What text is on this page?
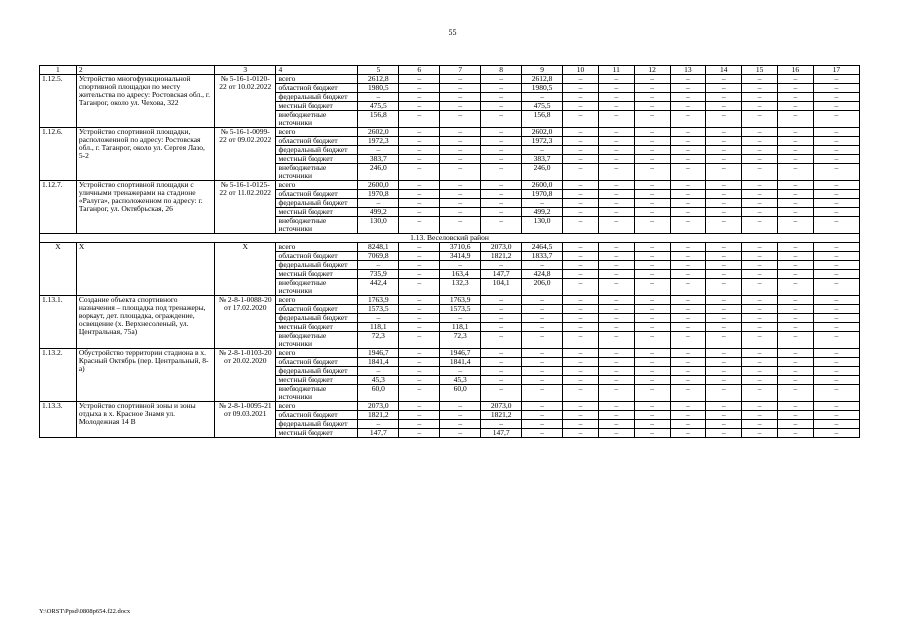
55
1	2	3	4	5	6	7	8	9	10	11	12	13	14	15	16	17
1.12.5.	Устройство многофункциональной спортивной площадки по месту жительства по адресу: Ростовская обл., г. Таганрог, около ул. Чехова, 322	№ 5-16-1-0120-22 от 10.02.2022	всего	2612,8	–	–	–	2612,8	–	–	–	–	–	–	–	–
			областной бюджет	1980,5	–	–	–	1980,5	–	–	–	–	–	–	–	–
			федеральный бюджет	–	–	–	–	–	–	–	–	–	–	–	–	–
			местный бюджет	475,5	–	–	–	475,5	–	–	–	–	–	–	–	–
			внебюджетные источники	156,8	–	–	–	156,8	–	–	–	–	–	–	–	–
1.12.6.	Устройство спортивной площадки, расположенной по адресу: Ростовская обл., г. Таганрог, около ул. Сергея Лазо, 5-2	№ 5-16-1-0099-22 от 09.02.2022	всего	2602,0	–	–	–	2602,0	–	–	–	–	–	–	–	–
			областной бюджет	1972,3	–	–	–	1972,3	–	–	–	–	–	–	–	–
			федеральный бюджет	–	–	–	–	–	–	–	–	–	–	–	–	–
			местный бюджет	383,7	–	–	–	383,7	–	–	–	–	–	–	–	–
			внебюджетные источники	246,0	–	–	–	246,0	–	–	–	–	–	–	–	–
1.12.7.	Устройство спортивной площадки с уличными тренажерами на стадионе «Ралуга», расположенном по адресу: г. Таганрог, ул. Октябрьская, 26	№ 5-16-1-0125-22 от 11.02.2022	всего	2600,0	–	–	–	2600,0	–	–	–	–	–	–	–	–
			областной бюджет	1970,8	–	–	–	1970,8	–	–	–	–	–	–	–	–
			федеральный бюджет	–	–	–	–	–	–	–	–	–	–	–	–	–
			местный бюджет	499,2	–	–	–	499,2	–	–	–	–	–	–	–	–
			внебюджетные источники	130,0	–	–	–	130,0	–	–	–	–	–	–	–	–
1.13. Веселовский район																
Х	Х	Х	всего	8248,1	–	3710,6	2073,0	2464,5	–	–	–	–	–	–	–	–
			областной бюджет	7069,8	–	3414,9	1821,2	1833,7	–	–	–	–	–	–	–	–
			федеральный бюджет	–	–	–	–	–	–	–	–	–	–	–	–	–
			местный бюджет	735,9	–	163,4	147,7	424,8	–	–	–	–	–	–	–	–
			внебюджетные источники	442,4	–	132,3	104,1	206,0	–	–	–	–	–	–	–	–
1.13.1.	Создание объекта спортивного назначения – площадка под тренажеры, воркаут, дет. площадка, ограждение, освещение (х. Верхнесоленый, ул. Центральная, 75а)	№ 2-8-1-0088-20 от 17.02.2020	всего	1763,9	–	1763,9	–	–	–	–	–	–	–	–	–	–
			областной бюджет	1573,5	–	1573,5	–	–	–	–	–	–	–	–	–	–
			федеральный бюджет	–	–	–	–	–	–	–	–	–	–	–	–	–
			местный бюджет	118,1	–	118,1	–	–	–	–	–	–	–	–	–	–
			внебюджетные источники	72,3	–	72,3	–	–	–	–	–	–	–	–	–	–
1.13.2.	Обустройство территории стадиона в х. Красный Октябрь (пер. Центральный, 8-а)	№ 2-8-1-0103-20 от 20.02.2020	всего	1946,7	–	1946,7	–	–	–	–	–	–	–	–	–	–
			областной бюджет	1841,4	–	1841,4	–	–	–	–	–	–	–	–	–	–
			федеральный бюджет	–	–	–	–	–	–	–	–	–	–	–	–	–
			местный бюджет	45,3	–	45,3	–	–	–	–	–	–	–	–	–	–
			внебюджетные источники	60,0	–	60,0	–	–	–	–	–	–	–	–	–	–
1.13.3.	Устройство спортивной зоны и зоны отдыха в х. Красное Знамя ул. Молодежная 14 В	№ 2-8-1-0095-21 от 09.03.2021	всего	2073,0	–	–	2073,0	–	–	–	–	–	–	–	–	–
			областной бюджет	1821,2	–	–	1821,2	–	–	–	–	–	–	–	–	–
			федеральный бюджет	–	–	–	–	–	–	–	–	–	–	–	–	–
			местный бюджет	147,7	–	–	147,7	–	–	–	–	–	–	–	–	–
Y:\ORST\Ppsd\0808p654.f22.docx
